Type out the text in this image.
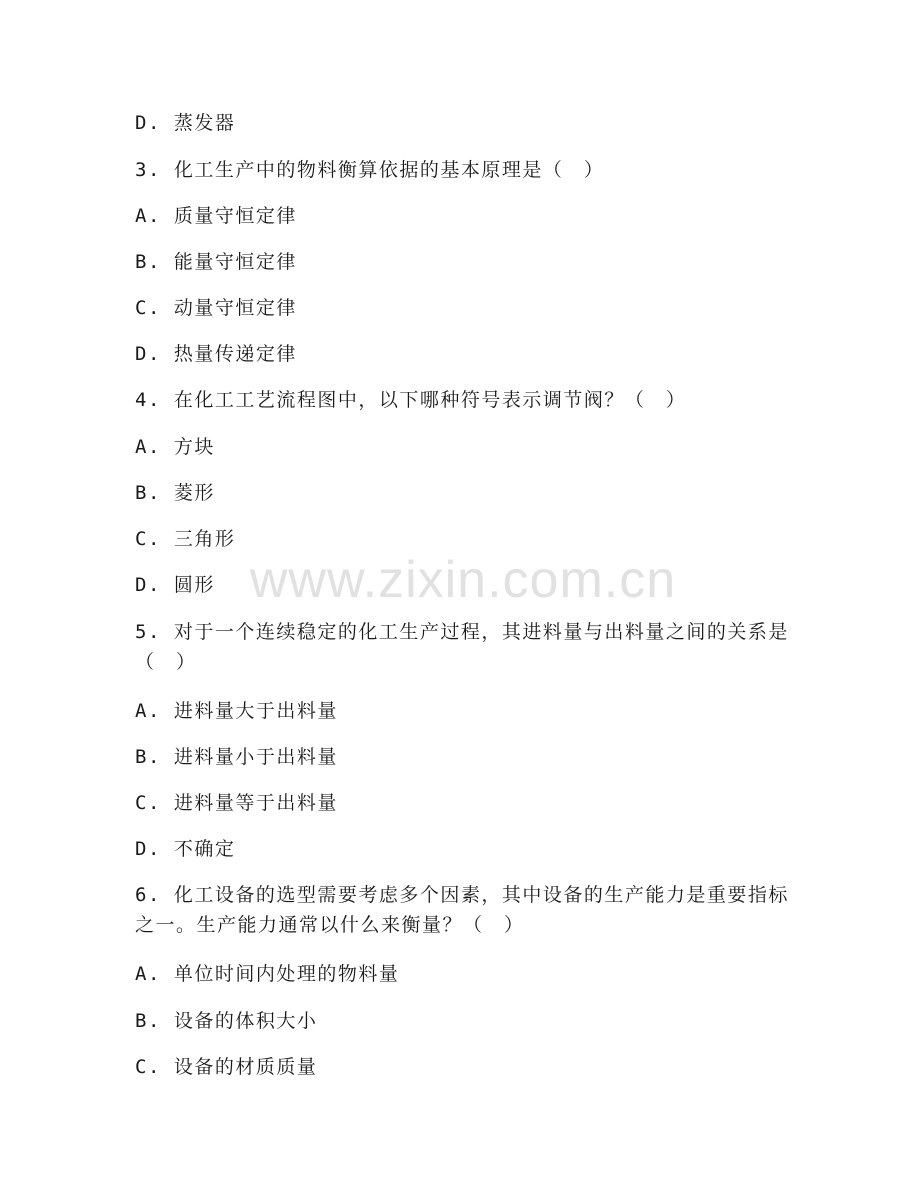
D. 蒸发器
3. 化工生产中的物料衡算依据的基本原理是（　）
A. 质量守恒定律
B. 能量守恒定律
C. 动量守恒定律
D. 热量传递定律
4. 在化工工艺流程图中，以下哪种符号表示调节阀？（　）
A. 方块
B. 菱形
C. 三角形
D. 圆形
5. 对于一个连续稳定的化工生产过程，其进料量与出料量之间的关系是（　）
A. 进料量大于出料量
B. 进料量小于出料量
C. 进料量等于出料量
D. 不确定
6. 化工设备的选型需要考虑多个因素，其中设备的生产能力是重要指标之一。生产能力通常以什么来衡量？（　）
A. 单位时间内处理的物料量
B. 设备的体积大小
C. 设备的材质质量
www.zixin.com.cn
